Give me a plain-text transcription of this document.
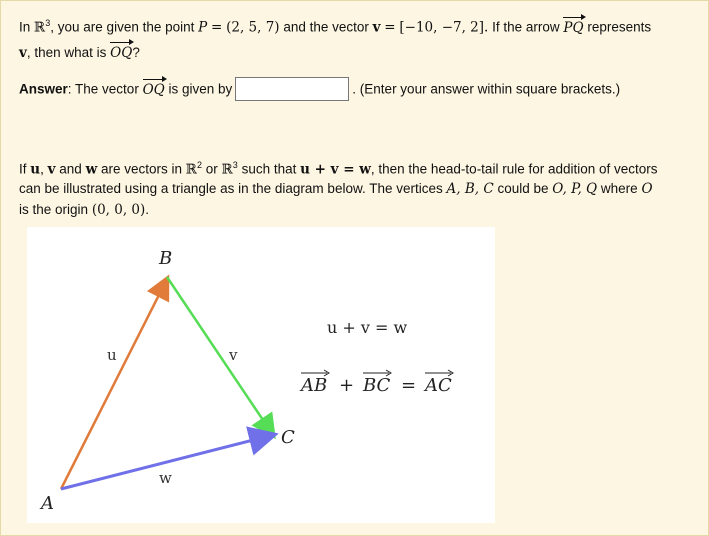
In ℝ$^3$, you are given the point P = (2, 5, 7) and the vector v = [−10, −7, 2]. If the arrow PQ represents
v, then what is OQ?
Answer: The vector OQ is given by	. (Enter your answer within square brackets.)
If u, v and w are vectors in ℝ$^2$ or ℝ$^3$ such that u + v = w, then the head-to-tail rule for addition of vectors
can be illustrated using a triangle as in the diagram below. The vertices A, B, C could be O, P, Q where O
is the origin (0, 0, 0).
B
A
C
u	v
w
u + v = w
AB + BC = AC
